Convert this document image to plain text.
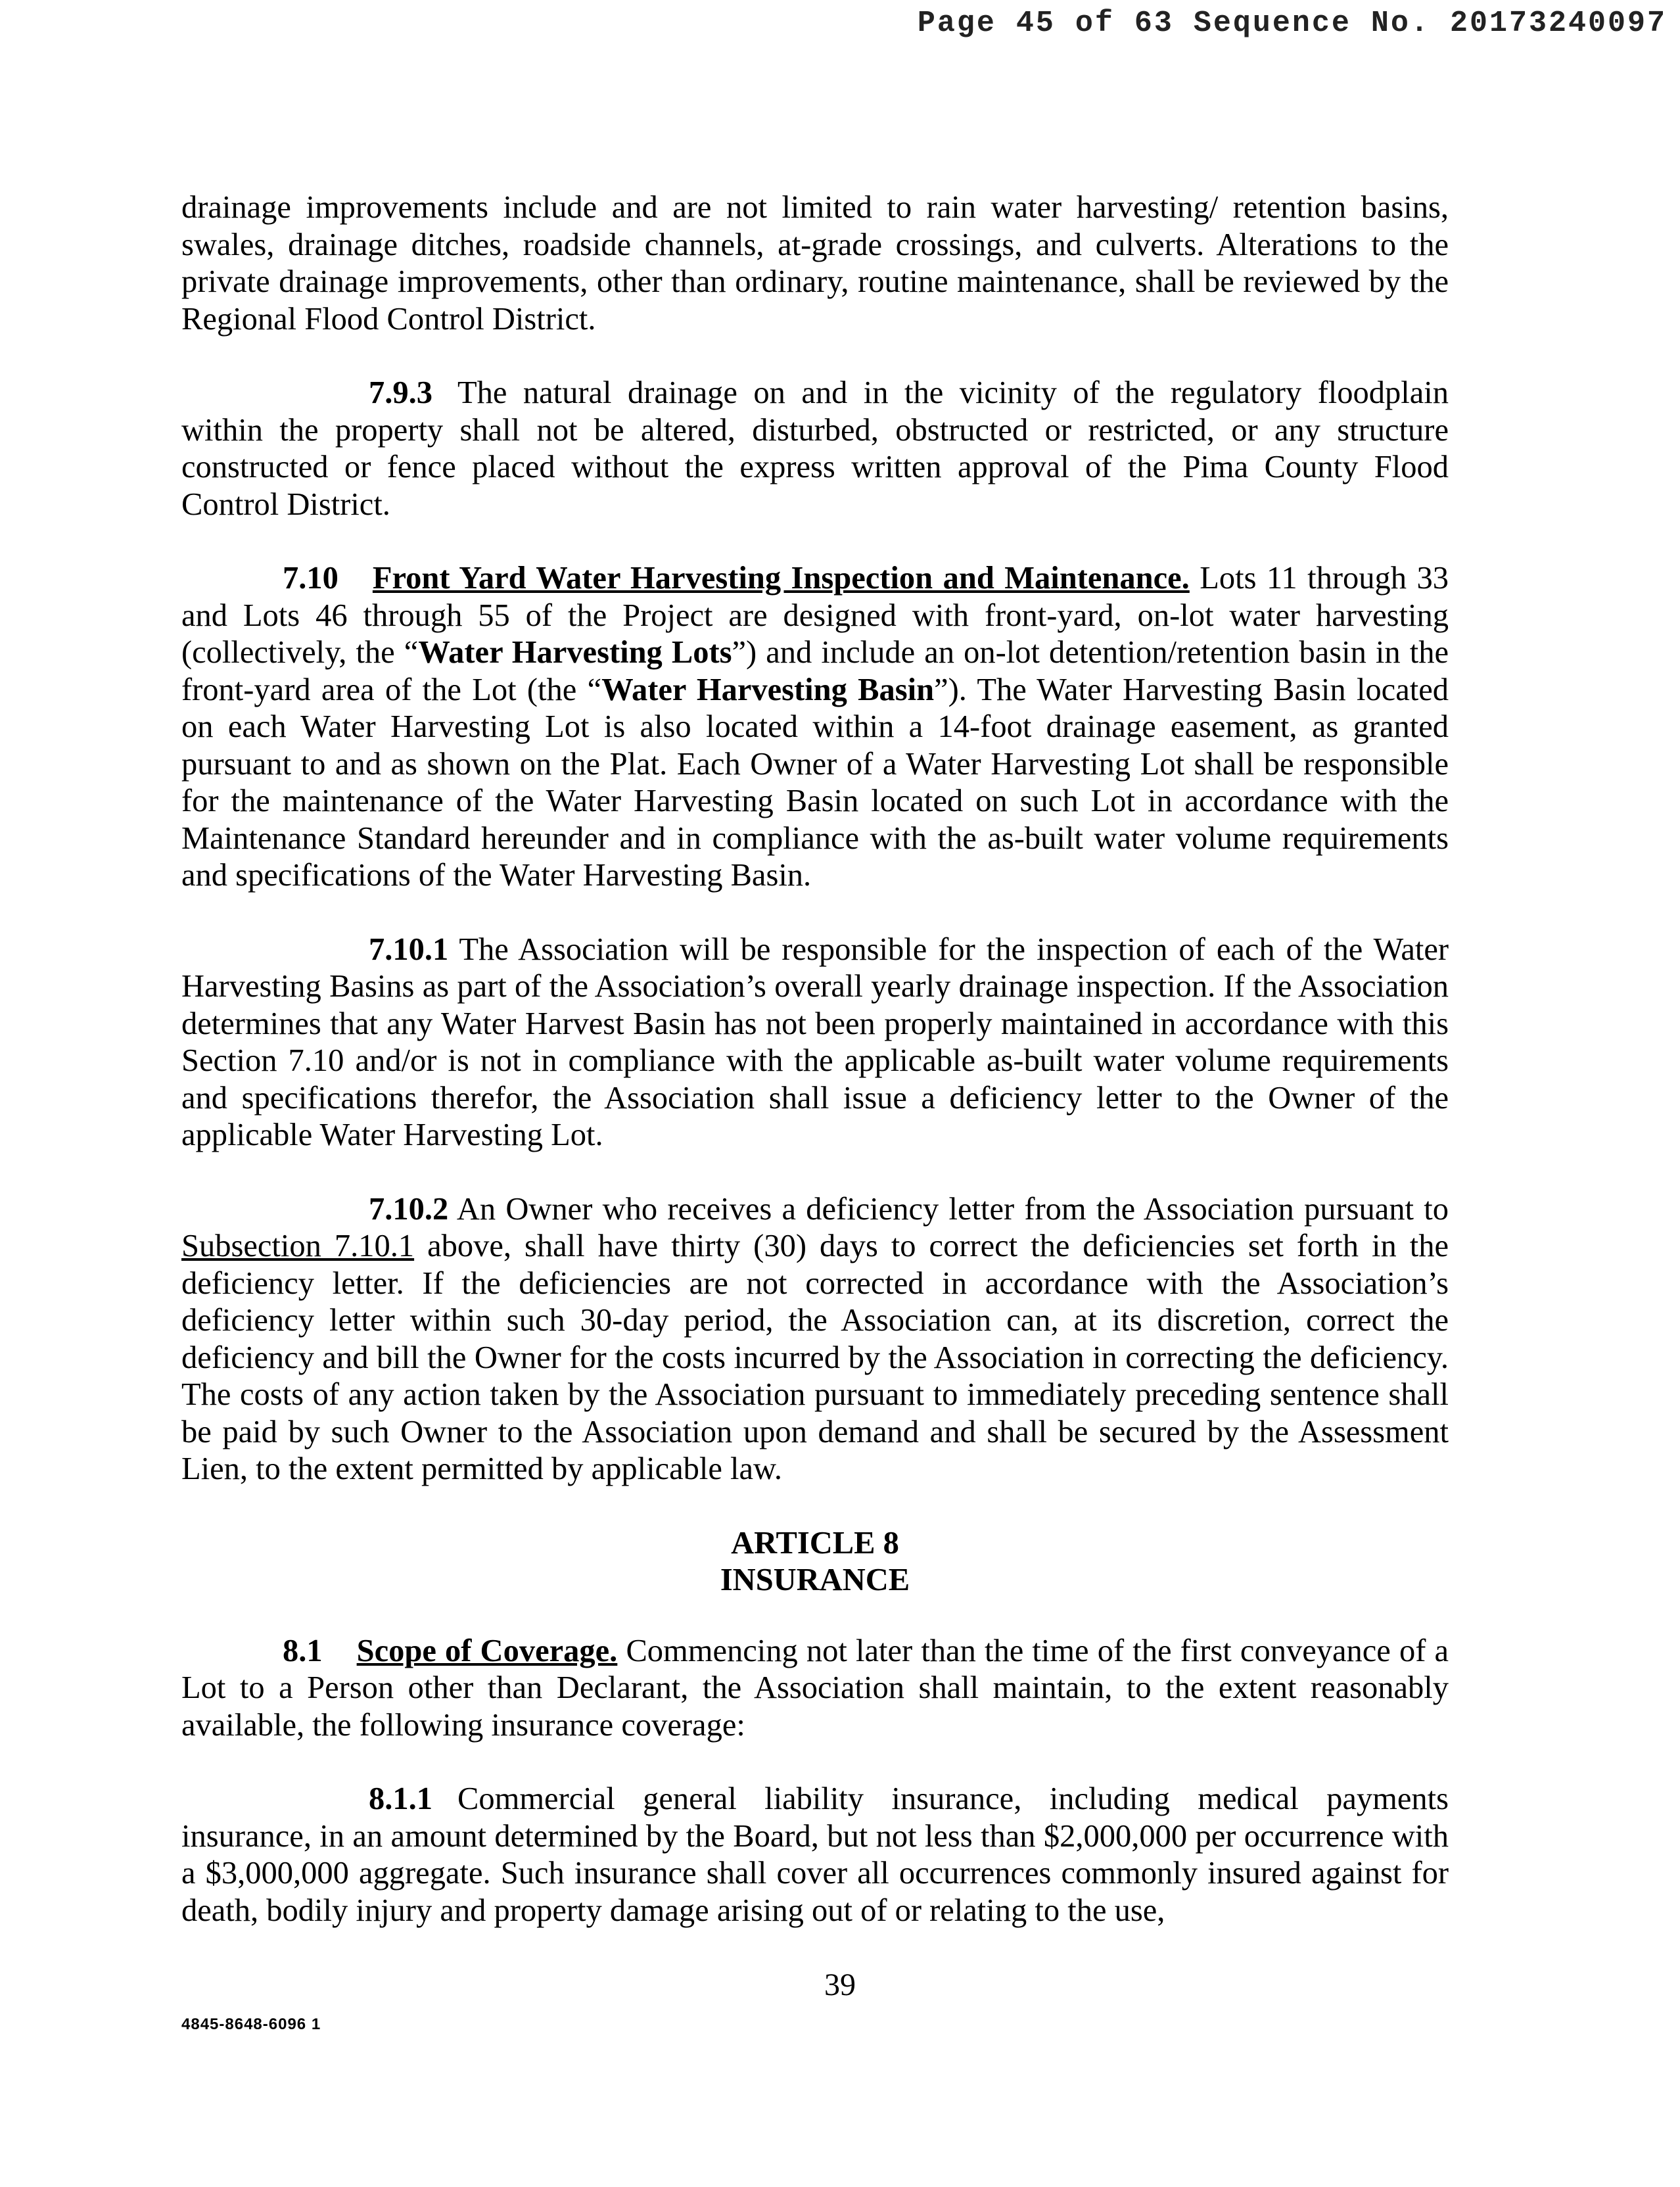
Page 45 of 63 Sequence No. 20173240097

drainage improvements include and are not limited to rain water harvesting/ retention basins, swales, drainage ditches, roadside channels, at-grade crossings, and culverts. Alterations to the private drainage improvements, other than ordinary, routine maintenance, shall be reviewed by the Regional Flood Control District.

7.9.3 The natural drainage on and in the vicinity of the regulatory floodplain within the property shall not be altered, disturbed, obstructed or restricted, or any structure constructed or fence placed without the express written approval of the Pima County Flood Control District.

7.10 Front Yard Water Harvesting Inspection and Maintenance. Lots 11 through 33 and Lots 46 through 55 of the Project are designed with front-yard, on-lot water harvesting (collectively, the “Water Harvesting Lots”) and include an on-lot detention/retention basin in the front-yard area of the Lot (the “Water Harvesting Basin”). The Water Harvesting Basin located on each Water Harvesting Lot is also located within a 14-foot drainage easement, as granted pursuant to and as shown on the Plat. Each Owner of a Water Harvesting Lot shall be responsible for the maintenance of the Water Harvesting Basin located on such Lot in accordance with the Maintenance Standard hereunder and in compliance with the as-built water volume requirements and specifications of the Water Harvesting Basin.

7.10.1 The Association will be responsible for the inspection of each of the Water Harvesting Basins as part of the Association’s overall yearly drainage inspection. If the Association determines that any Water Harvest Basin has not been properly maintained in accordance with this Section 7.10 and/or is not in compliance with the applicable as-built water volume requirements and specifications therefor, the Association shall issue a deficiency letter to the Owner of the applicable Water Harvesting Lot.

7.10.2 An Owner who receives a deficiency letter from the Association pursuant to Subsection 7.10.1 above, shall have thirty (30) days to correct the deficiencies set forth in the deficiency letter. If the deficiencies are not corrected in accordance with the Association’s deficiency letter within such 30-day period, the Association can, at its discretion, correct the deficiency and bill the Owner for the costs incurred by the Association in correcting the deficiency. The costs of any action taken by the Association pursuant to immediately preceding sentence shall be paid by such Owner to the Association upon demand and shall be secured by the Assessment Lien, to the extent permitted by applicable law.

ARTICLE 8
INSURANCE

8.1 Scope of Coverage. Commencing not later than the time of the first conveyance of a Lot to a Person other than Declarant, the Association shall maintain, to the extent reasonably available, the following insurance coverage:

8.1.1 Commercial general liability insurance, including medical payments insurance, in an amount determined by the Board, but not less than $2,000,000 per occurrence with a $3,000,000 aggregate. Such insurance shall cover all occurrences commonly insured against for death, bodily injury and property damage arising out of or relating to the use,

39
4845-8648-6096 1
